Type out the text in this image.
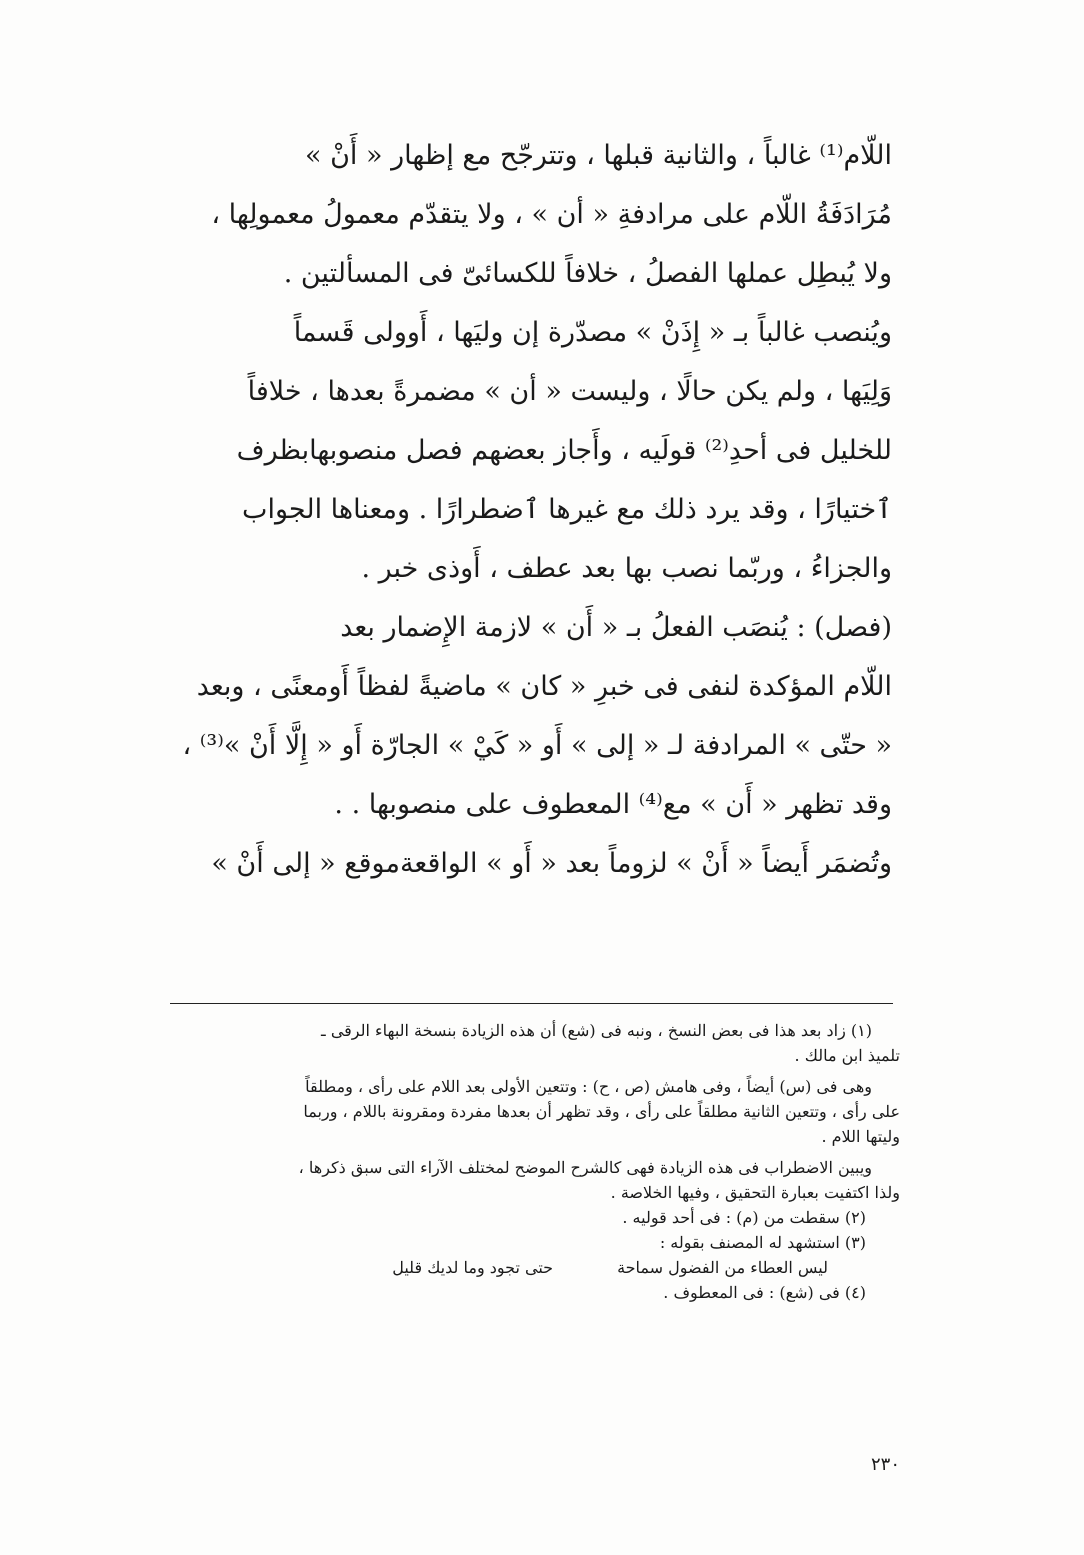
اللّام⁽¹⁾ غالباً ، والثانية قبلها ، وتترجّح مع إظهار « أَنْ »
مُرَادَفَةُ اللّام على مرادفةِ « أن » ، ولا يتقدّم معمولُ معمولِها ،
ولا يُبطِل عملها الفصلُ ، خلافاً للكسائىّ فى المسألتين .
ويُنصب غالباً بـ « إِذَنْ » مصدّرة إن وليَها ، أَوولى قَسماً
وَلِيَها ، ولم يكن حالًا ، وليست « أن » مضمرةً بعدها ، خلافاً
للخليل فى أحدِ⁽²⁾ قولَيه ، وأَجاز بعضهم فصل منصوبهابظرف
ٱختيارًا ، وقد يرد ذلك مع غيرها ٱضطرارًا . ومعناها الجواب
والجزاءُ ، وربّما نصب بها بعد عطف ، أَوذى خبر .
(فصل) : يُنصَب الفعلُ بـ « أَن » لازمة الإِضمار بعد
اللّام المؤكدة لنفى فى خبرِ « كان » ماضيةً لفظاً أَومعنًى ، وبعد
« حتّى » المرادفة لـ « إلى » أَو « كَيْ » الجارّة أَو « إِلَّا أَنْ »⁽³⁾ ،
وقد تظهر « أَن » مع⁽⁴⁾ المعطوف على منصوبها . .
وتُضمَر أَيضاً « أَنْ » لزوماً بعد « أَو » الواقعةموقع « إلى أَنْ »
(١) زاد بعد هذا فى بعض النسخ ، ونبه فى (شع) أن هذه الزيادة بنسخة البهاء الرقى ـ
تلميذ ابن مالك .
وهى فى (س) أيضاً ، وفى هامش (ص ، ح) : وتتعين الأولى بعد اللام على رأى ، ومطلقاً
على رأى ، وتتعين الثانية مطلقاً على رأى ، وقد تظهر أن بعدها مفردة ومقرونة باللام ، وربما
وليتها اللام .
ويبين الاضطراب فى هذه الزيادة فهى كالشرح الموضح لمختلف الآراء التى سبق ذكرها ،
ولذا اكتفيت بعبارة التحقيق ، وفيها الخلاصة .
(٢) سقطت من (م) : فى أحد قوليه .
(٣) استشهد له المصنف بقوله :
ليس العطاء من الفضول سماحة
حتى تجود وما لديك قليل
(٤) فى (شع) : فى المعطوف .
٢٣٠
